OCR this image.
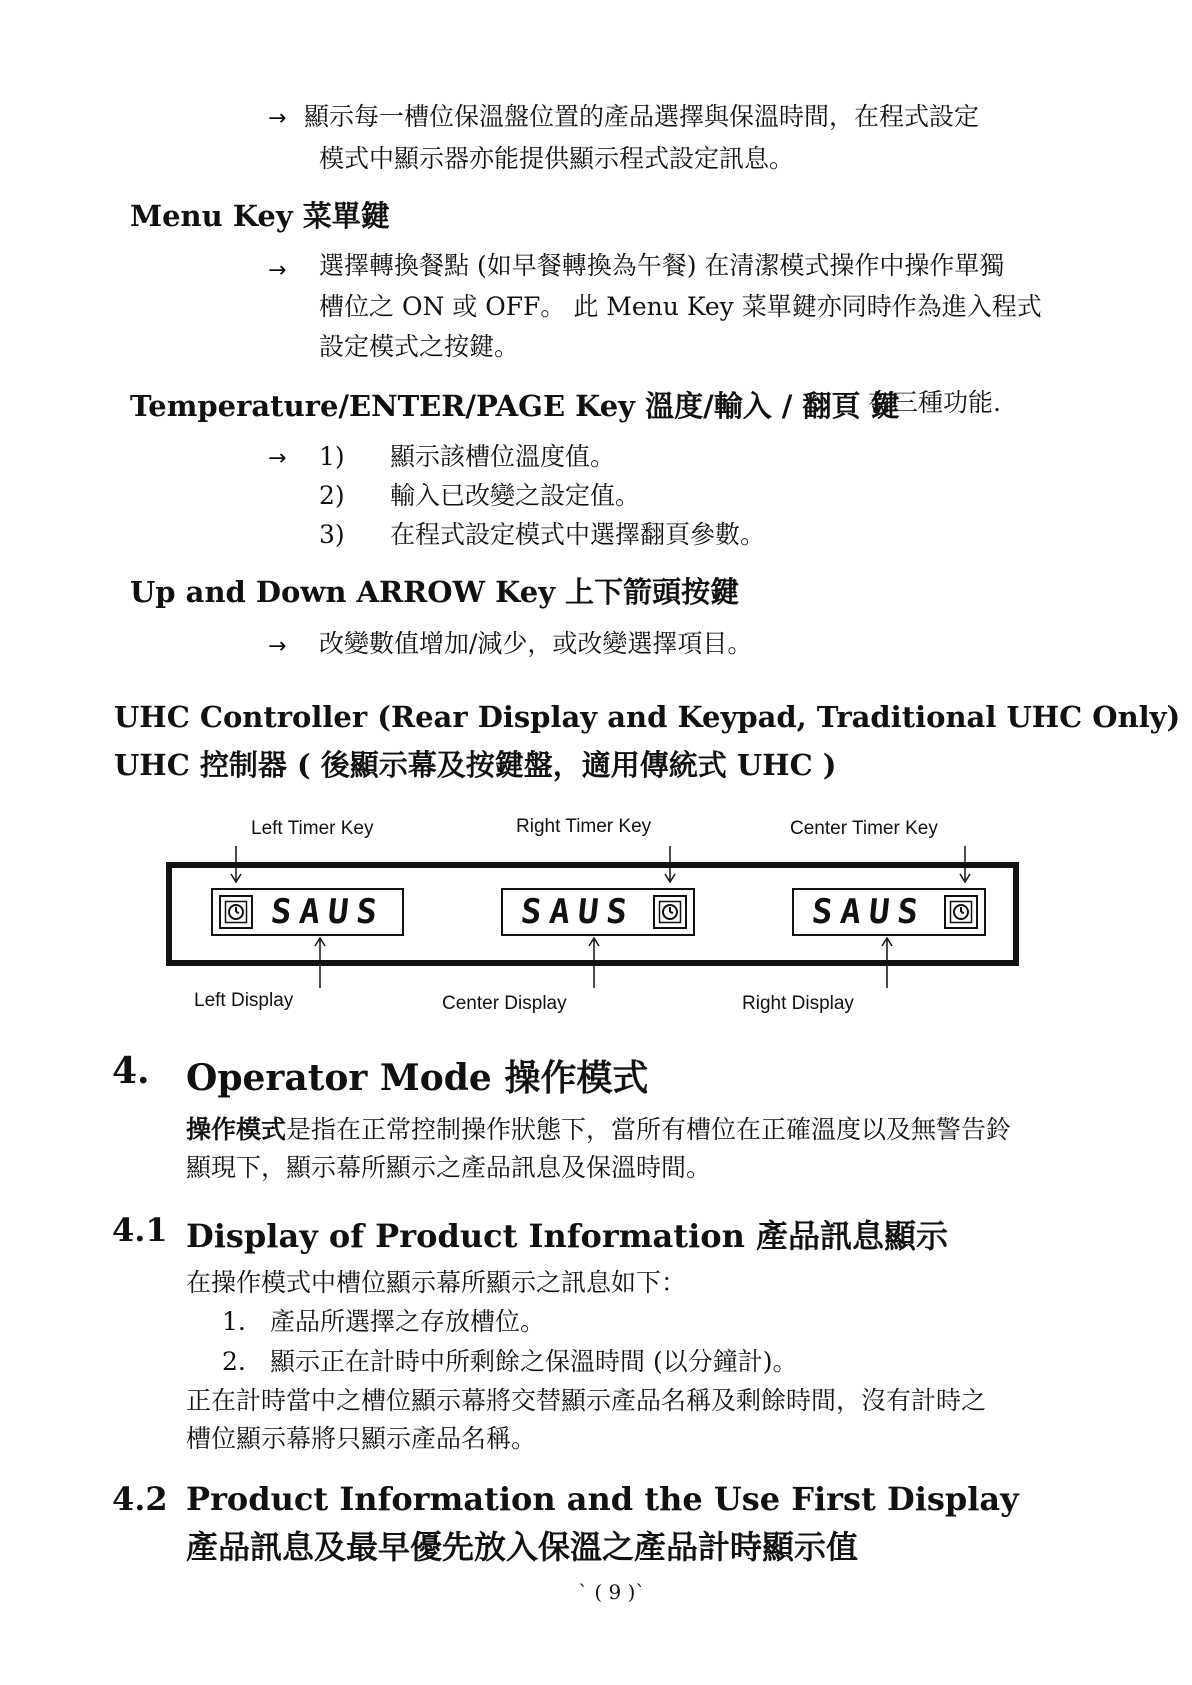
→ 顯示每一槽位保溫盤位置的產品選擇與保溫時間，在程式設定
模式中顯示器亦能提供顯示程式設定訊息。
Menu Key 菜單鍵
→ 選擇轉換餐點 (如早餐轉換為午餐) 在清潔模式操作中操作單獨
槽位之 ON 或 OFF。 此 Menu Key 菜單鍵亦同時作為進入程式
設定模式之按鍵。
Temperature/ENTER/PAGE Key 溫度/輸入 / 翻頁 鍵
有三種功能.
→ 1) 顯示該槽位溫度值。
2) 輸入已改變之設定值。
3) 在程式設定模式中選擇翻頁參數。
Up and Down ARROW Key 上下箭頭按鍵
→ 改變數值增加/減少，或改變選擇項目。
UHC Controller (Rear Display and Keypad, Traditional UHC Only)
UHC 控制器 ( 後顯示幕及按鍵盤，適用傳統式 UHC )
Left Timer Key	Right Timer Key	Center Timer Key
SAUS	SAUS	SAUS
Left Display	Center Display	Right Display
4. Operator Mode 操作模式
操作模式是指在正常控制操作狀態下，當所有槽位在正確溫度以及無警告鈴
顯現下，顯示幕所顯示之產品訊息及保溫時間。
4.1 Display of Product Information 產品訊息顯示
在操作模式中槽位顯示幕所顯示之訊息如下：
1. 產品所選擇之存放槽位。
2. 顯示正在計時中所剩餘之保溫時間 (以分鐘計)。
正在計時當中之槽位顯示幕將交替顯示產品名稱及剩餘時間，沒有計時之
槽位顯示幕將只顯示產品名稱。
4.2 Product Information and the Use First Display
產品訊息及最早優先放入保溫之產品計時顯示值
` ( 9 )`
